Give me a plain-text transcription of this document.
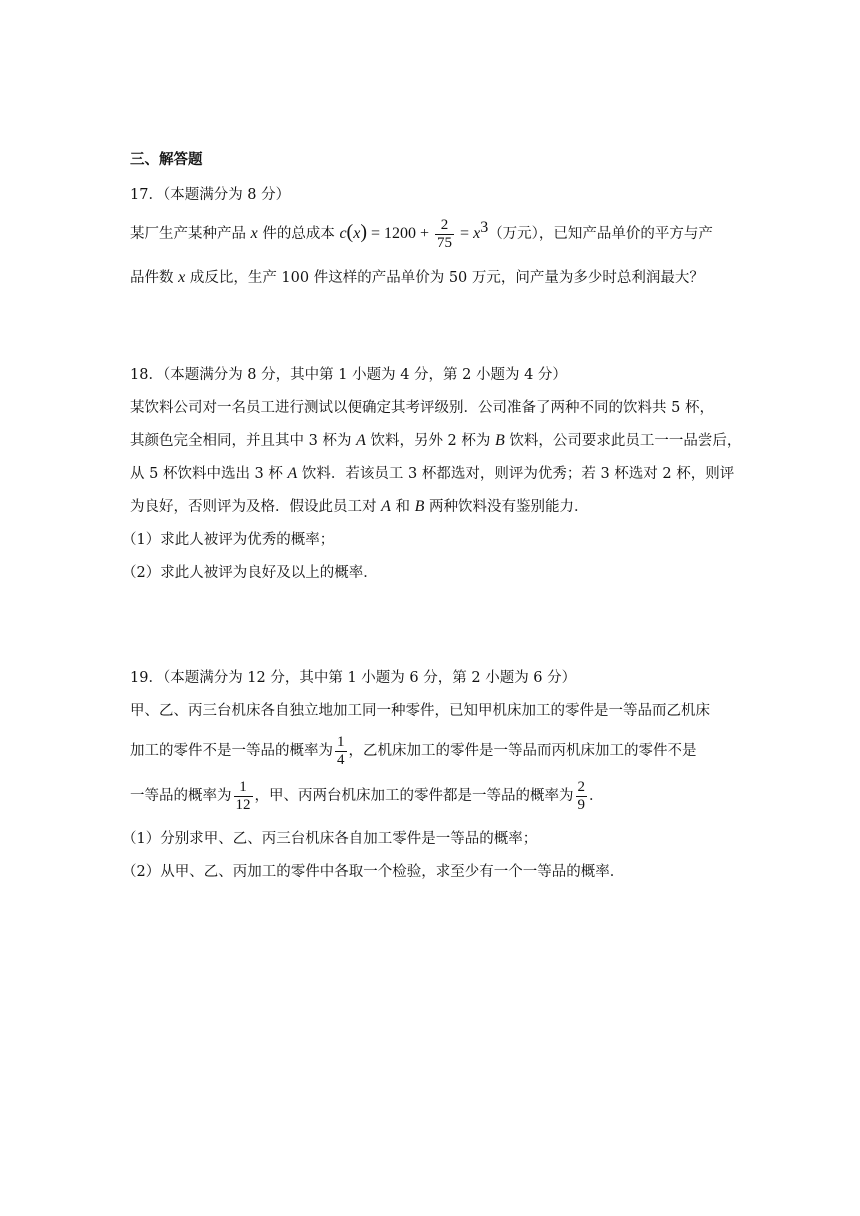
三、解答题
17．（本题满分为 8 分）
某厂生产某种产品 x 件的总成本 $c(x) = 1200 + \frac{2}{75} = x^3$（万元），已知产品单价的平方与产
品件数 x 成反比，生产 100 件这样的产品单价为 50 万元，问产量为多少时总利润最大？
18．（本题满分为 8 分，其中第 1 小题为 4 分，第 2 小题为 4 分）
某饮料公司对一名员工进行测试以便确定其考评级别．公司准备了两种不同的饮料共 5 杯，
其颜色完全相同，并且其中 3 杯为 A 饮料，另外 2 杯为 B 饮料，公司要求此员工一一品尝后，
从 5 杯饮料中选出 3 杯 A 饮料．若该员工 3 杯都选对，则评为优秀；若 3 杯选对 2 杯，则评
为良好，否则评为及格．假设此员工对 A 和 B 两种饮料没有鉴别能力．
（1）求此人被评为优秀的概率；
（2）求此人被评为良好及以上的概率．
19．（本题满分为 12 分，其中第 1 小题为 6 分，第 2 小题为 6 分）
甲、乙、丙三台机床各自独立地加工同一种零件，已知甲机床加工的零件是一等品而乙机床
加工的零件不是一等品的概率为 $\frac{1}{4}$ ，乙机床加工的零件是一等品而丙机床加工的零件不是
一等品的概率为 $\frac{1}{12}$ ，甲、丙两台机床加工的零件都是一等品的概率为 $\frac{2}{9}$ ．
（1）分别求甲、乙、丙三台机床各自加工零件是一等品的概率；
（2）从甲、乙、丙加工的零件中各取一个检验，求至少有一个一等品的概率．
